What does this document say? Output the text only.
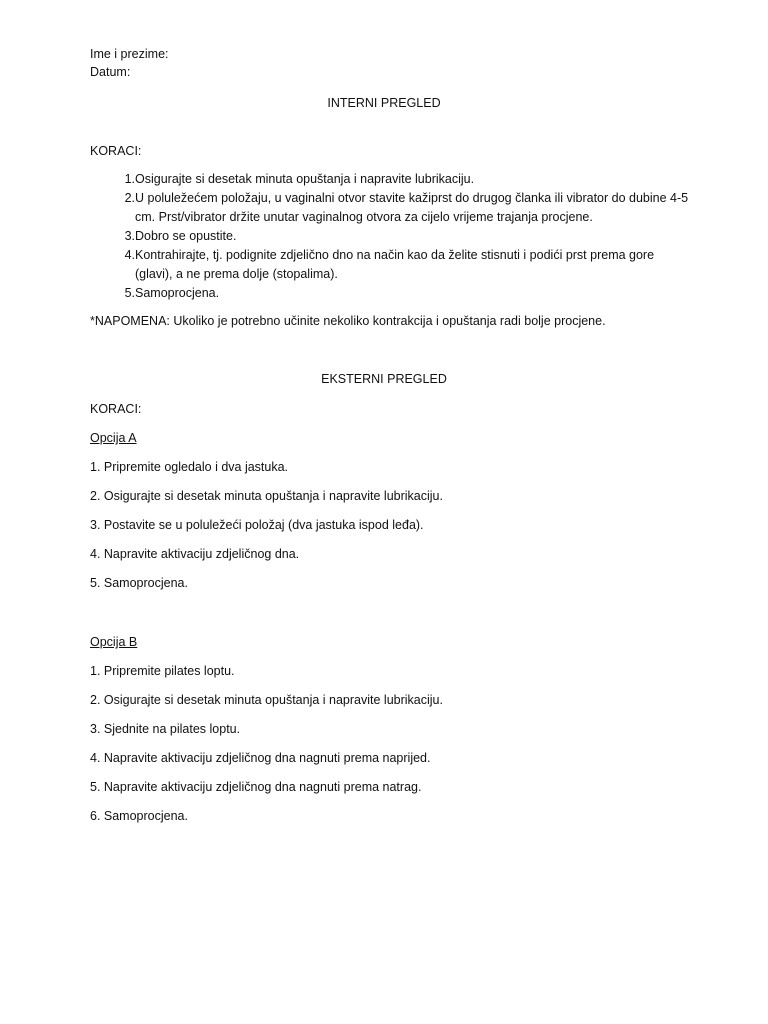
Ime i prezime:
Datum:
INTERNI PREGLED
KORACI:
1. Osigurajte si desetak minuta opuštanja i napravite lubrikaciju.
2. U poluležećem položaju, u vaginalni otvor stavite kažiprst do drugog članka ili vibrator do dubine 4-5 cm. Prst/vibrator držite unutar vaginalnog otvora za cijelo vrijeme trajanja procjene.
3. Dobro se opustite.
4. Kontrahirajte, tj. podignite zdjelično dno na način kao da želite stisnuti i podići prst prema gore (glavi), a ne prema dolje (stopalima).
5. Samoprocjena.
*NAPOMENA: Ukoliko je potrebno učinite nekoliko kontrakcija i opuštanja radi bolje procjene.
EKSTERNI PREGLED
KORACI:
Opcija A
1. Pripremite ogledalo i dva jastuka.
2. Osigurajte si desetak minuta opuštanja i napravite lubrikaciju.
3. Postavite se u poluležeći položaj (dva jastuka ispod leđa).
4. Napravite aktivaciju zdjeličnog dna.
5. Samoprocjena.
Opcija B
1. Pripremite pilates loptu.
2. Osigurajte si desetak minuta opuštanja i napravite lubrikaciju.
3. Sjednite na pilates loptu.
4. Napravite aktivaciju zdjeličnog dna nagnuti prema naprijed.
5. Napravite aktivaciju zdjeličnog dna nagnuti prema natrag.
6. Samoprocjena.
